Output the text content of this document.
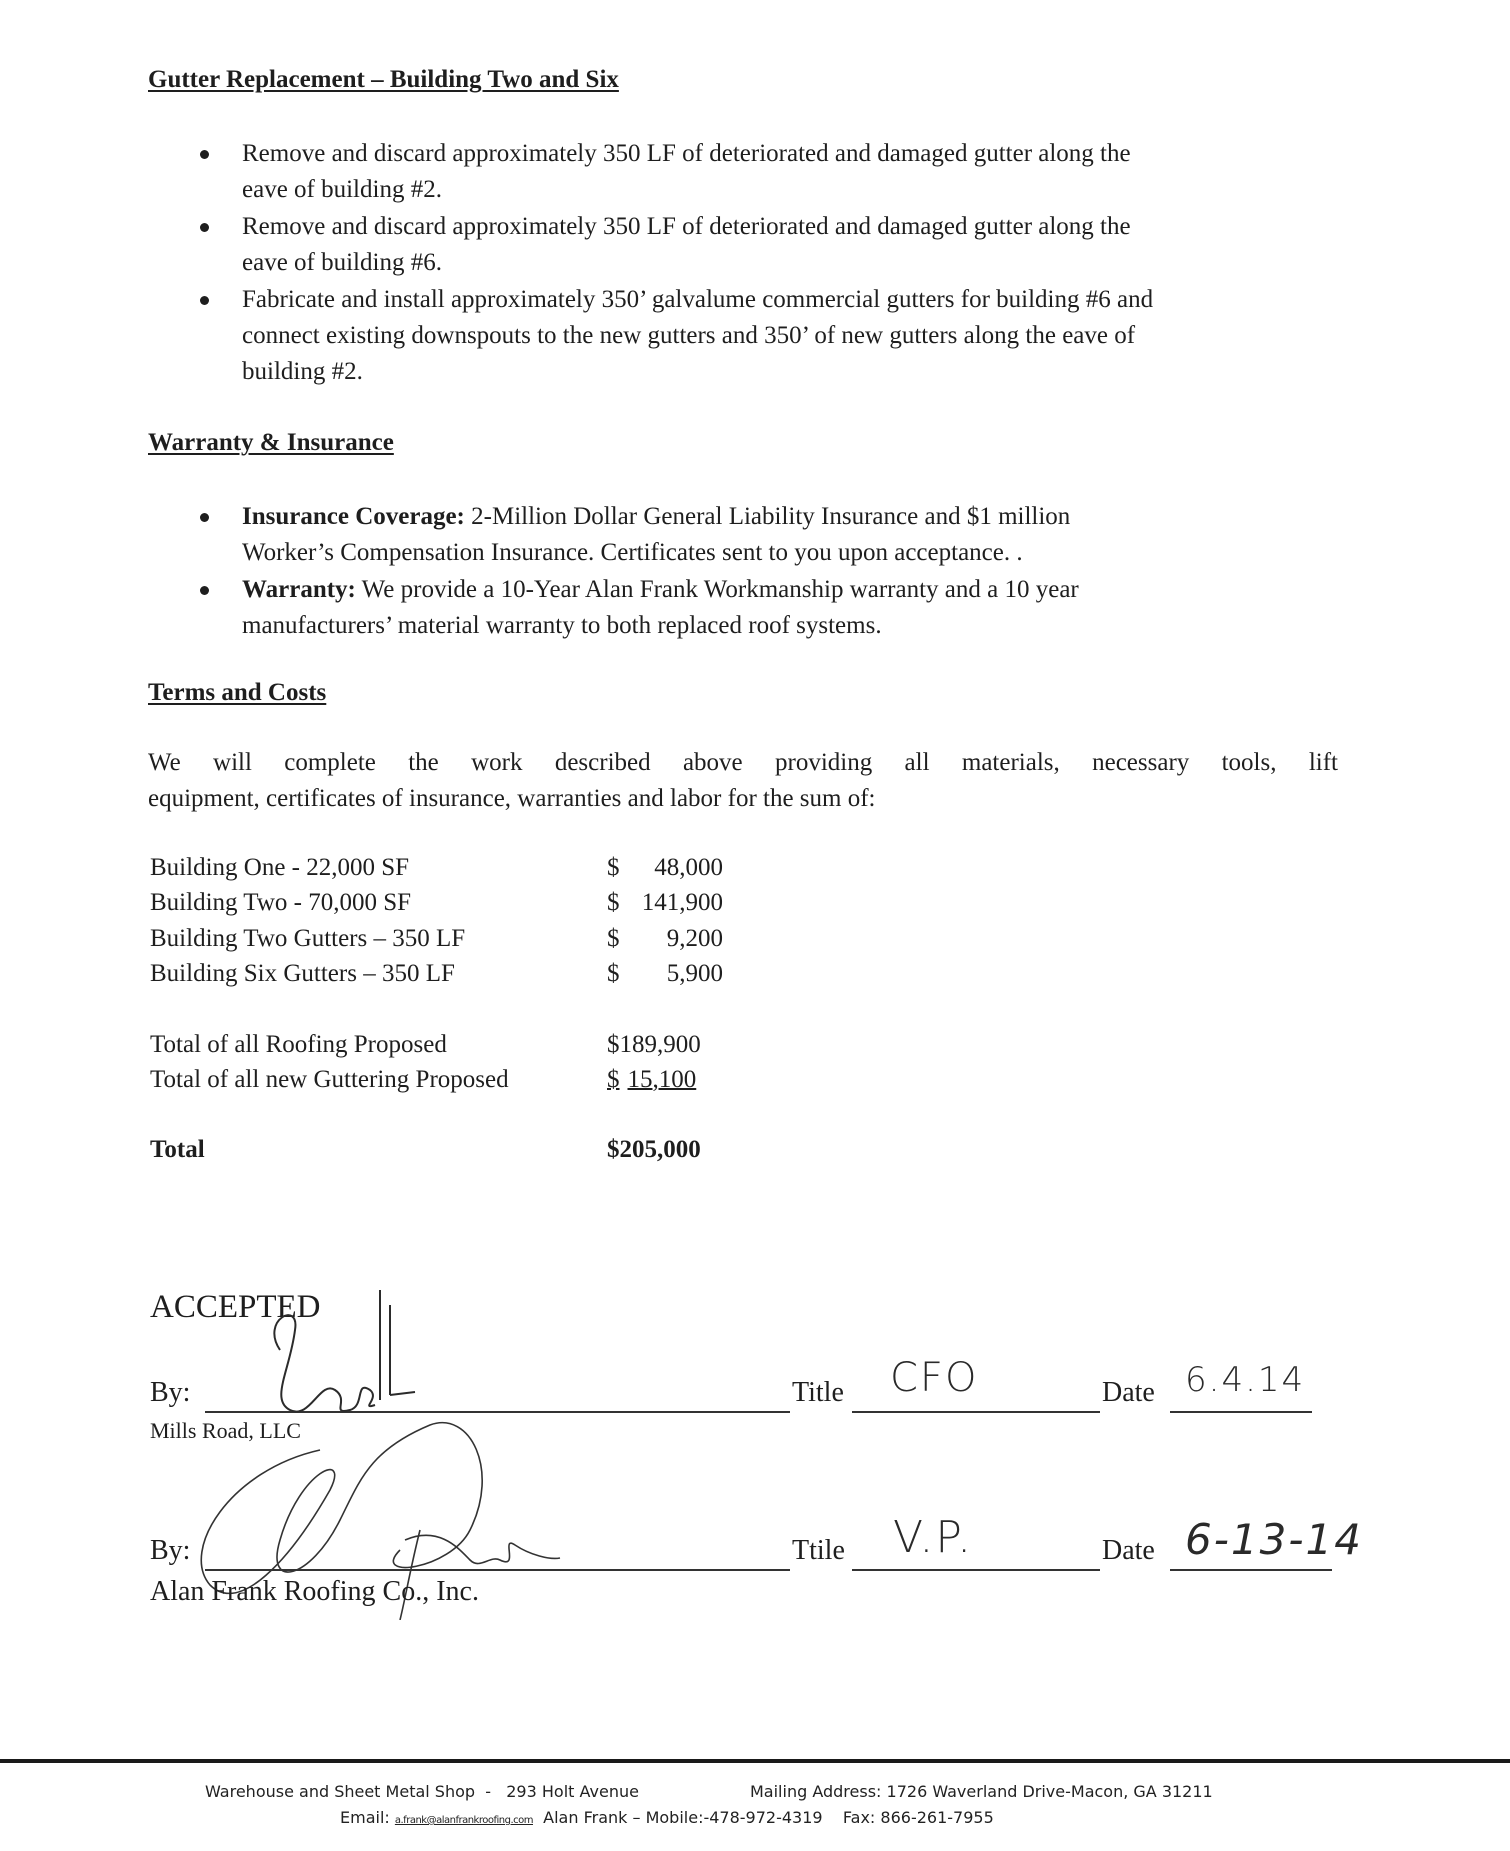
Gutter Replacement – Building Two and Six
Remove and discard approximately 350 LF of deteriorated and damaged gutter along the
eave of building #2.
Remove and discard approximately 350 LF of deteriorated and damaged gutter along the
eave of building #6.
Fabricate and install approximately 350’ galvalume commercial gutters for building #6 and
connect existing downspouts to the new gutters and 350’ of new gutters along the eave of
building #2.
Warranty & Insurance
Insurance Coverage: 2-Million Dollar General Liability Insurance and $1 million
Worker’s Compensation Insurance. Certificates sent to you upon acceptance. .
Warranty: We provide a 10-Year Alan Frank Workmanship warranty and a 10 year
manufacturers’ material warranty to both replaced roof systems.
Terms and Costs
We will complete the work described above providing all materials, necessary tools, lift
equipment, certificates of insurance, warranties and labor for the sum of:
Building One - 22,000 SF	$ 48,000
Building Two - 70,000 SF	$ 141,900
Building Two Gutters – 350 LF	$ 9,200
Building Six Gutters – 350 LF	$ 5,900
Total of all Roofing Proposed	$ 189,900
Total of all new Guttering Proposed	$ 15,100
Total	$ 205,000
ACCEPTED
By:
Mills Road, LLC
Title CFO	Date 6.4.14
By:
Alan Frank Roofing Co., Inc.
Ttile V.P.	Date 6-13-14
Warehouse and Sheet Metal Shop  -   293 Holt Avenue	Mailing Address: 1726 Waverland Drive-Macon, GA 31211
Email: a.frank@alanfrankroofing.com  Alan Frank – Mobile:-478-972-4319    Fax: 866-261-7955
